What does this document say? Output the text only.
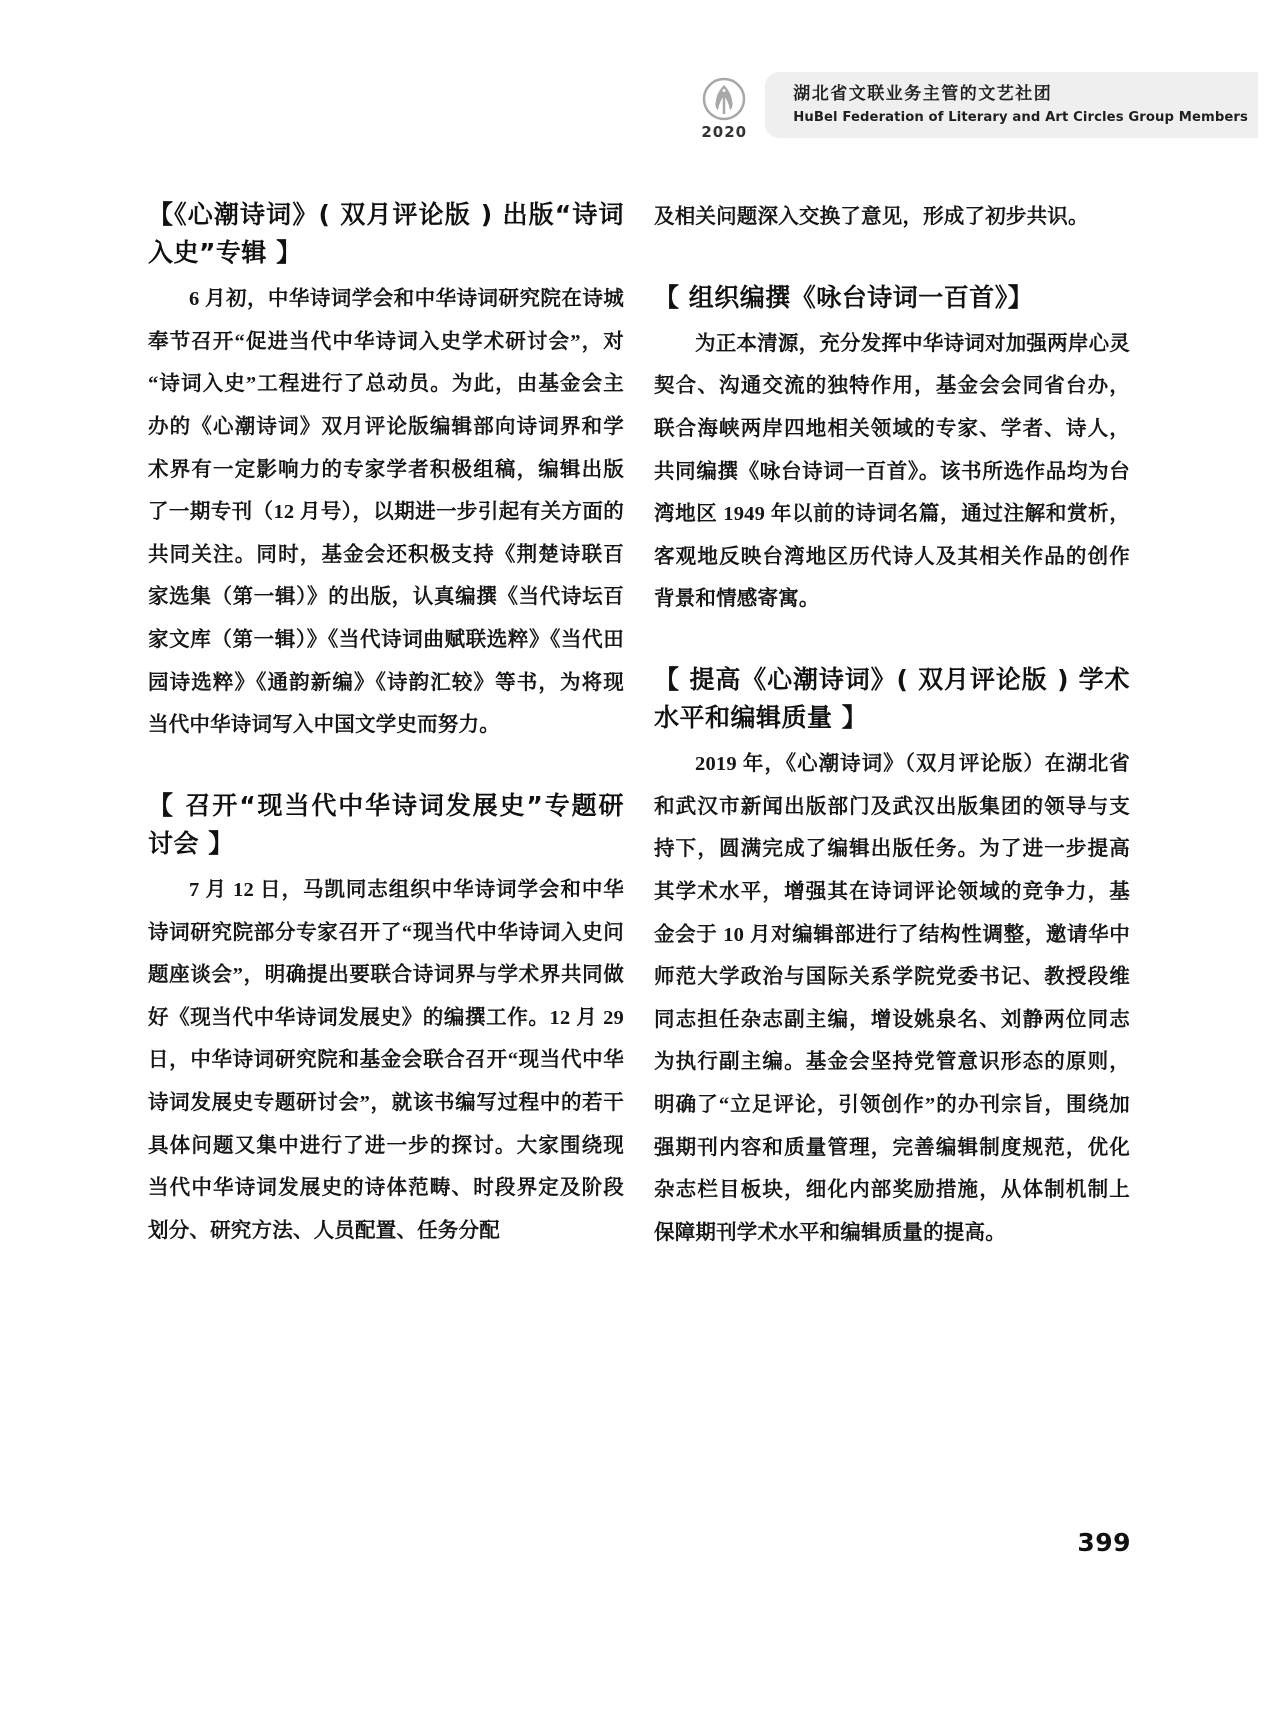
2020
湖北省文联业务主管的文艺社团
HuBel Federation of Literary and Art Circles Group Members
【《心潮诗词》( 双月评论版 ) 出版“诗词入史”专辑 】

6 月初，中华诗词学会和中华诗词研究院在诗城奉节召开“促进当代中华诗词入史学术研讨会”，对“诗词入史”工程进行了总动员。为此，由基金会主办的《心潮诗词》双月评论版编辑部向诗词界和学术界有一定影响力的专家学者积极组稿，编辑出版了一期专刊（12 月号），以期进一步引起有关方面的共同关注。同时，基金会还积极支持《荆楚诗联百家选集（第一辑）》的出版，认真编撰《当代诗坛百家文库（第一辑）》《当代诗词曲赋联选粹》《当代田园诗选粹》《通韵新编》《诗韵汇较》等书，为将现当代中华诗词写入中国文学史而努力。

【 召开“现当代中华诗词发展史”专题研讨会 】

7 月 12 日，马凯同志组织中华诗词学会和中华诗词研究院部分专家召开了“现当代中华诗词入史问题座谈会”，明确提出要联合诗词界与学术界共同做好《现当代中华诗词发展史》的编撰工作。12 月 29 日，中华诗词研究院和基金会联合召开“现当代中华诗词发展史专题研讨会”，就该书编写过程中的若干具体问题又集中进行了进一步的探讨。大家围绕现当代中华诗词发展史的诗体范畴、时段界定及阶段划分、研究方法、人员配置、任务分配

及相关问题深入交换了意见，形成了初步共识。

【 组织编撰《咏台诗词一百首》】

为正本清源，充分发挥中华诗词对加强两岸心灵契合、沟通交流的独特作用，基金会会同省台办，联合海峡两岸四地相关领域的专家、学者、诗人，共同编撰《咏台诗词一百首》。该书所选作品均为台湾地区 1949 年以前的诗词名篇，通过注解和赏析，客观地反映台湾地区历代诗人及其相关作品的创作背景和情感寄寓。

【 提高《心潮诗词》( 双月评论版 ) 学术水平和编辑质量 】

2019 年，《心潮诗词》（双月评论版）在湖北省和武汉市新闻出版部门及武汉出版集团的领导与支持下，圆满完成了编辑出版任务。为了进一步提高其学术水平，增强其在诗词评论领域的竞争力，基金会于 10 月对编辑部进行了结构性调整，邀请华中师范大学政治与国际关系学院党委书记、教授段维同志担任杂志副主编，增设姚泉名、刘静两位同志为执行副主编。基金会坚持党管意识形态的原则，明确了“立足评论，引领创作”的办刊宗旨，围绕加强期刊内容和质量管理，完善编辑制度规范，优化杂志栏目板块，细化内部奖励措施，从体制机制上保障期刊学术水平和编辑质量的提高。

399
